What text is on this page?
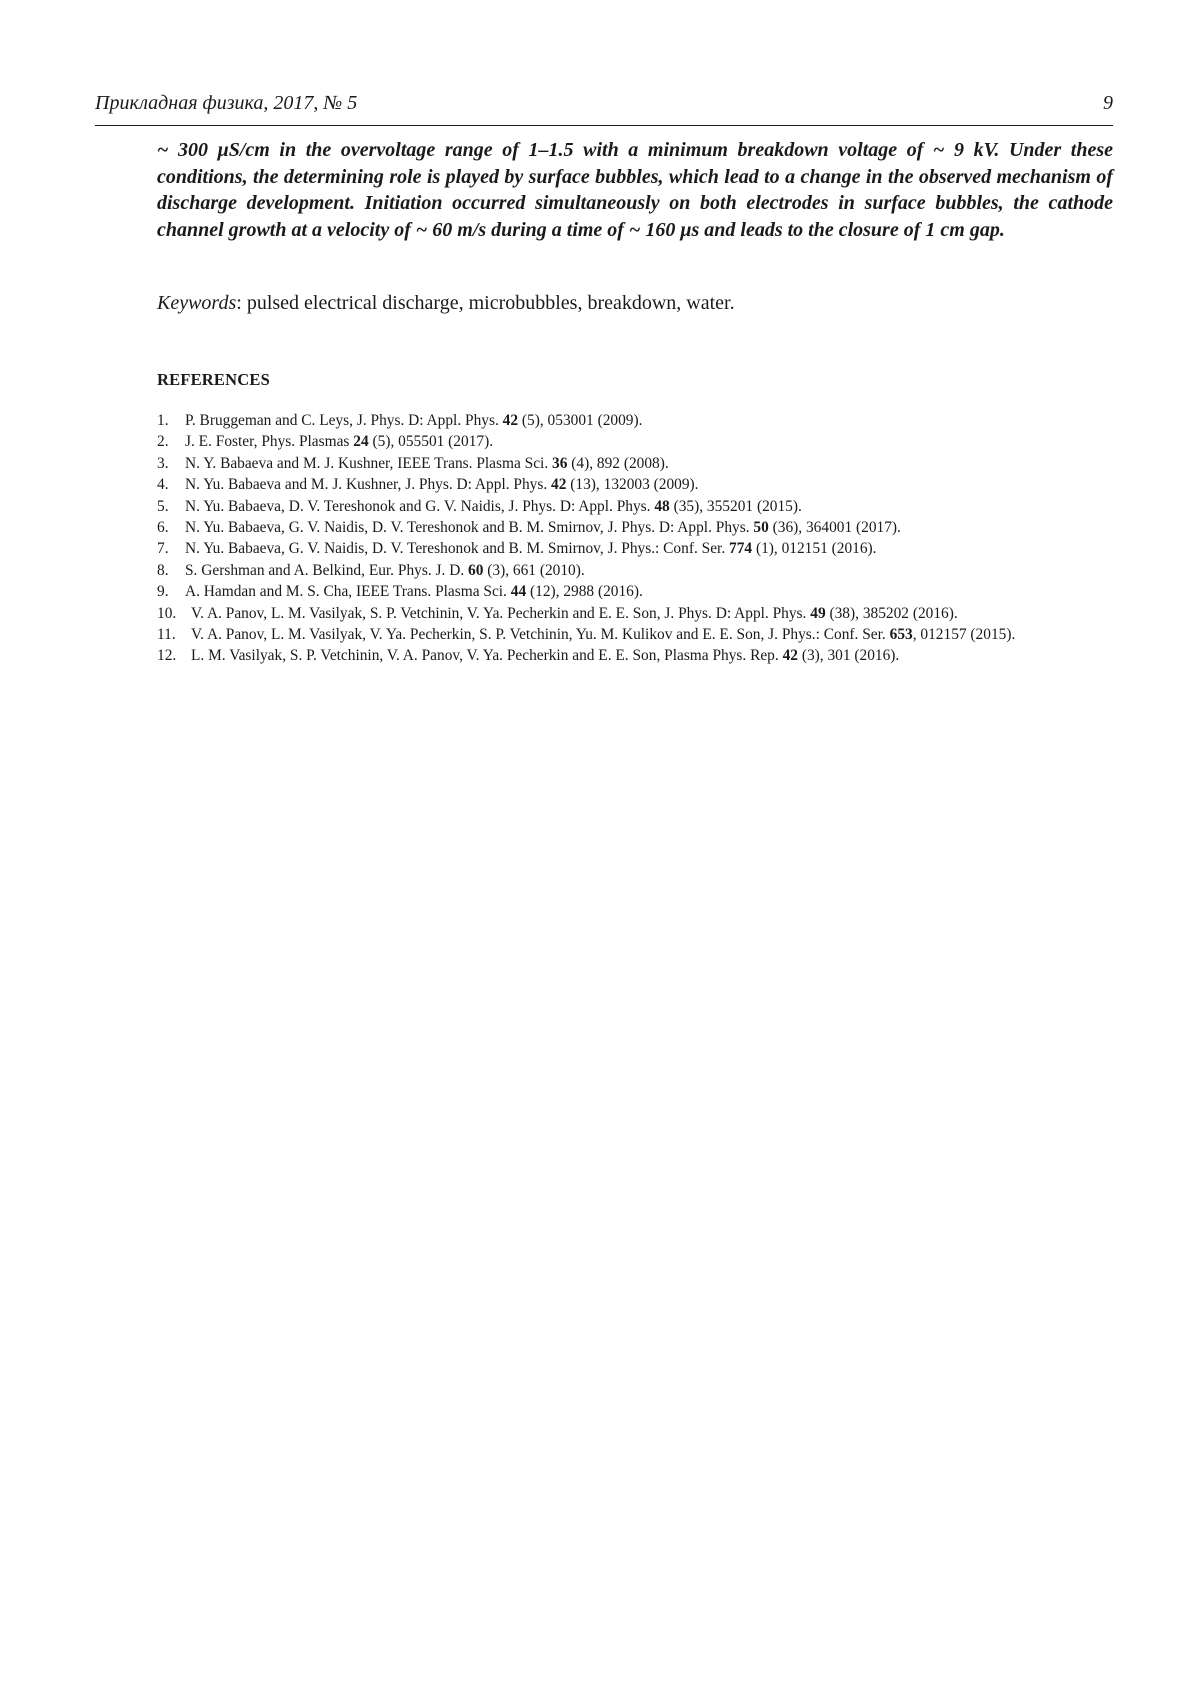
Прикладная физика, 2017, № 5	9

~ 300 μS/cm in the overvoltage range of 1–1.5 with a minimum breakdown voltage of ~ 9 kV. Under these conditions, the determining role is played by surface bubbles, which lead to a change in the observed mechanism of discharge development. Initiation occurred simultaneously on both electrodes in surface bubbles, the cathode channel growth at a velocity of ~ 60 m/s during a time of ~ 160 μs and leads to the closure of 1 cm gap.

Keywords: pulsed electrical discharge, microbubbles, breakdown, water.

REFERENCES
1.P. Bruggeman and C. Leys, J. Phys. D: Appl. Phys. 42 (5), 053001 (2009).
2.J. E. Foster, Phys. Plasmas 24 (5), 055501 (2017).
3.N. Y. Babaeva and M. J. Kushner, IEEE Trans. Plasma Sci. 36 (4), 892 (2008).
4.N. Yu. Babaeva and M. J. Kushner, J. Phys. D: Appl. Phys. 42 (13), 132003 (2009).
5.N. Yu. Babaeva, D. V. Tereshonok and G. V. Naidis, J. Phys. D: Appl. Phys. 48 (35), 355201 (2015).
6.N. Yu. Babaeva, G. V. Naidis, D. V. Tereshonok and B. M. Smirnov, J. Phys. D: Appl. Phys. 50 (36), 364001 (2017).
7.N. Yu. Babaeva, G. V. Naidis, D. V. Tereshonok and B. M. Smirnov, J. Phys.: Conf. Ser. 774 (1), 012151 (2016).
8.S. Gershman and A. Belkind, Eur. Phys. J. D. 60 (3), 661 (2010).
9.A. Hamdan and M. S. Cha, IEEE Trans. Plasma Sci. 44 (12), 2988 (2016).
10.V. A. Panov, L. M. Vasilyak, S. P. Vetchinin, V. Ya. Pecherkin and E. E. Son, J. Phys. D: Appl. Phys. 49 (38), 385202 (2016).
11.V. A. Panov, L. M. Vasilyak, V. Ya. Pecherkin, S. P. Vetchinin, Yu. M. Kulikov and E. E. Son, J. Phys.: Conf. Ser. 653, 012157 (2015).
12.L. M. Vasilyak, S. P. Vetchinin, V. A. Panov, V. Ya. Pecherkin and E. E. Son, Plasma Phys. Rep. 42 (3), 301 (2016).
